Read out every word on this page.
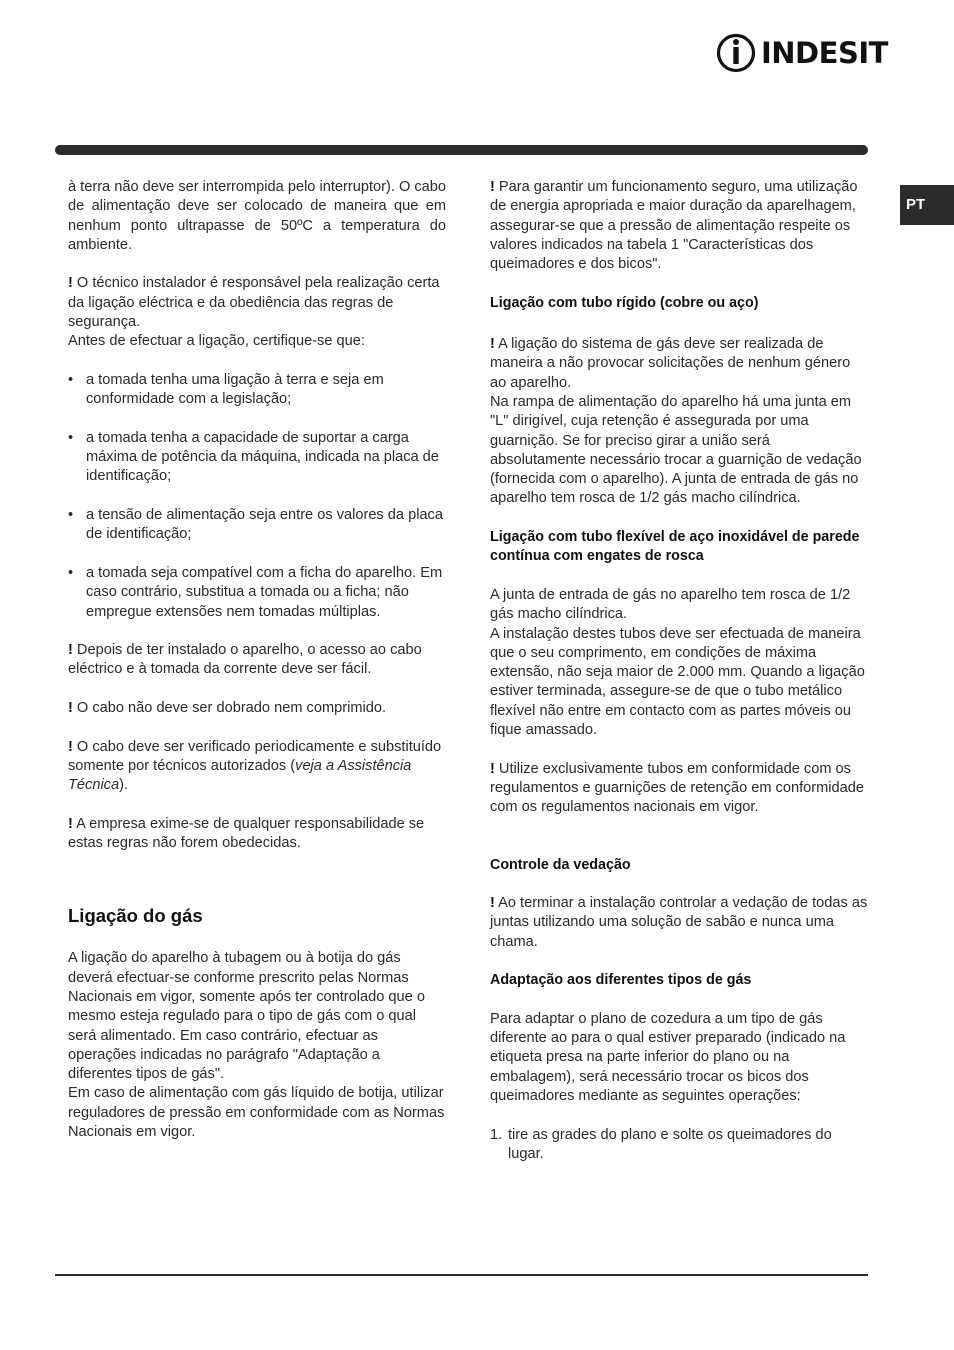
INDESIT
PT

à terra não deve ser interrompida pelo interruptor). O cabo de alimentação deve ser colocado de maneira que em nenhum ponto ultrapasse de 50ºC a temperatura do ambiente.

! O técnico instalador é responsável pela realização certa da ligação eléctrica e da obediência das regras de segurança.

Antes de efectuar a ligação, certifique-se que:

• a tomada tenha uma ligação à terra e seja em conformidade com a legislação;
• a tomada tenha a capacidade de suportar a carga máxima de potência da máquina, indicada na placa de identificação;
• a tensão de alimentação seja entre os valores da placa de identificação;
• a tomada seja compatível com a ficha do aparelho. Em caso contrário, substitua a tomada ou a ficha; não empregue extensões nem tomadas múltiplas.

! Depois de ter instalado o aparelho, o acesso ao cabo eléctrico e à tomada da corrente deve ser fácil.

! O cabo não deve ser dobrado nem comprimido.

! O cabo deve ser verificado periodicamente e substituído somente por técnicos autorizados (veja a Assistência Técnica).

! A empresa exime-se de qualquer responsabilidade se estas regras não forem obedecidas.

Ligação do gás

A ligação do aparelho à tubagem ou à botija do gás deverá efectuar-se conforme prescrito pelas Normas Nacionais em vigor, somente após ter controlado que o mesmo esteja regulado para o tipo de gás com o qual será alimentado. Em caso contrário, efectuar as operações indicadas no parágrafo "Adaptação a diferentes tipos de gás".

Em caso de alimentação com gás líquido de botija, utilizar reguladores de pressão em conformidade com as Normas Nacionais em vigor.

! Para garantir um funcionamento seguro, uma utilização de energia apropriada e maior duração da aparelhagem, assegurar-se que a pressão de alimentação respeite os valores indicados na tabela 1 "Características dos queimadores e dos bicos".

Ligação com tubo rígido (cobre ou aço)

! A ligação do sistema de gás deve ser realizada de maneira a não provocar solicitações de nenhum género ao aparelho.

Na rampa de alimentação do aparelho há uma junta em "L" dirigível, cuja retenção é assegurada por uma guarnição. Se for preciso girar a união será absolutamente necessário trocar a guarnição de vedação (fornecida com o aparelho). A junta de entrada de gás no aparelho tem rosca de 1/2 gás macho cilíndrica.

Ligação com tubo flexível de aço inoxidável de parede contínua com engates de rosca

A junta de entrada de gás no aparelho tem rosca de 1/2 gás macho cilíndrica.

A instalação destes tubos deve ser efectuada de maneira que o seu comprimento, em condições de máxima extensão, não seja maior de 2.000 mm. Quando a ligação estiver terminada, assegure-se de que o tubo metálico flexível não entre em contacto com as partes móveis ou fique amassado.

! Utilize exclusivamente tubos em conformidade com os regulamentos e guarnições de retenção em conformidade com os regulamentos nacionais em vigor.

Controle da vedação

! Ao terminar a instalação controlar a vedação de todas as juntas utilizando uma solução de sabão e nunca uma chama.

Adaptação aos diferentes tipos de gás

Para adaptar o plano de cozedura a um tipo de gás diferente ao para o qual estiver preparado (indicado na etiqueta presa na parte inferior do plano ou na embalagem), será necessário trocar os bicos dos queimadores mediante as seguintes operações:

1. tire as grades do plano e solte os queimadores do lugar.
